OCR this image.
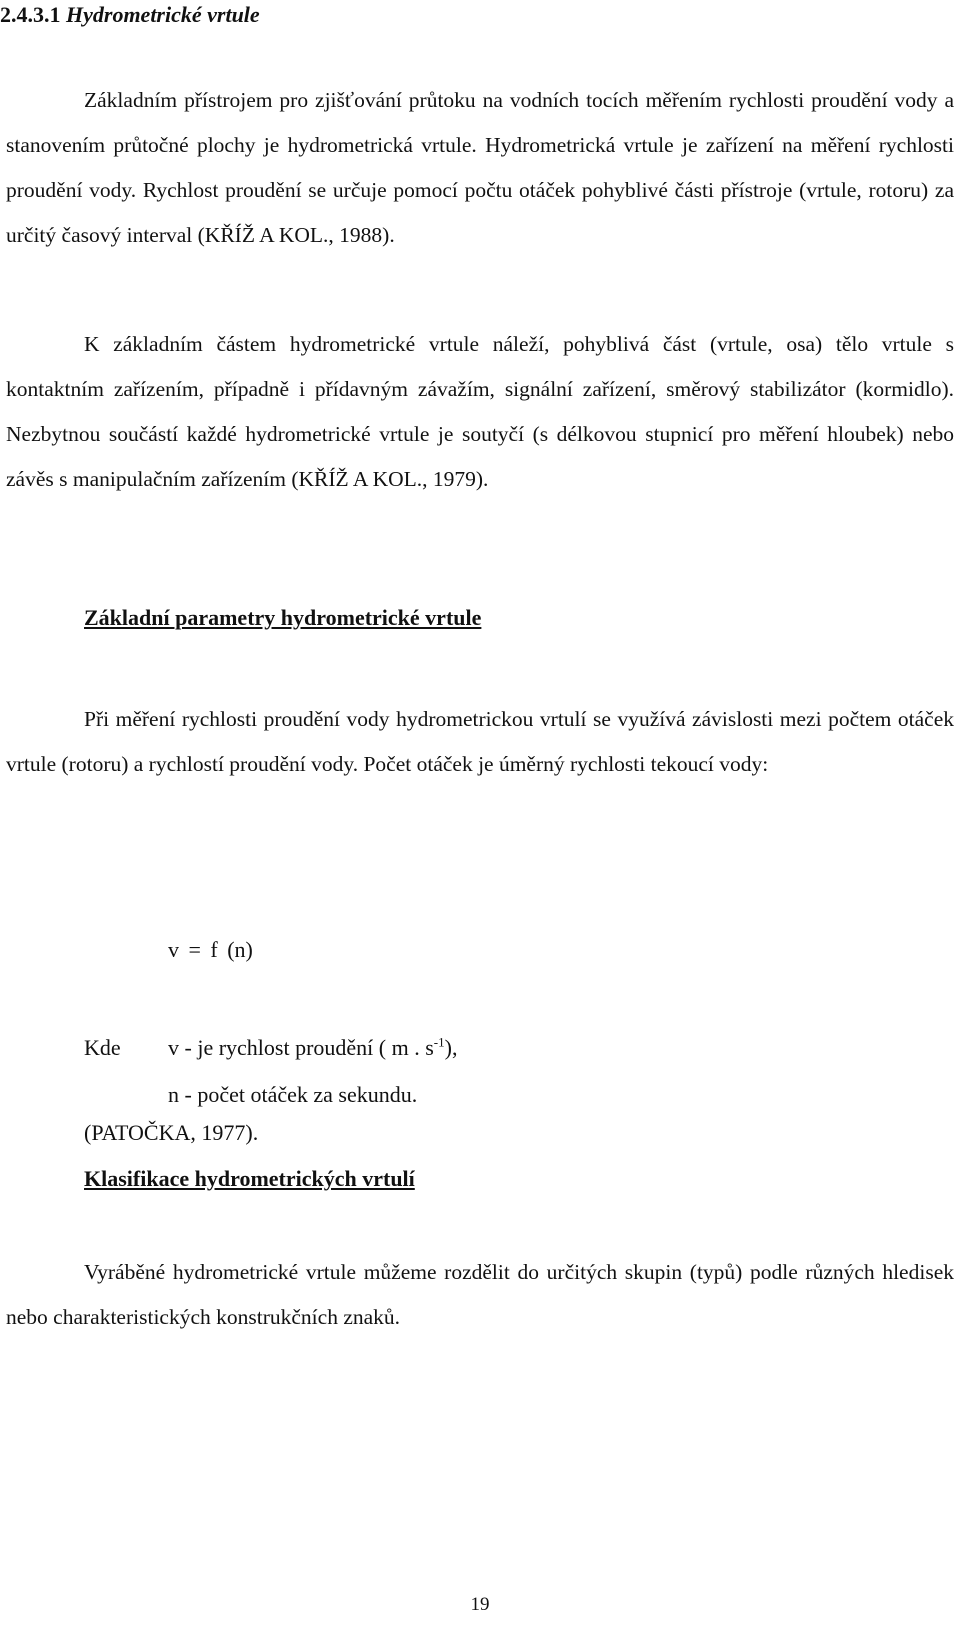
2.4.3.1 Hydrometrické vrtule
Základním přístrojem pro zjišťování průtoku na vodních tocích měřením rychlosti proudění vody a stanovením průtočné plochy je hydrometrická vrtule. Hydrometrická vrtule je zařízení na měření rychlosti proudění vody. Rychlost proudění se určuje pomocí počtu otáček pohyblivé části přístroje (vrtule, rotoru) za určitý časový interval (KŘÍŽ A KOL., 1988).
K základním částem hydrometrické vrtule náleží, pohyblivá část (vrtule, osa) tělo vrtule s kontaktním zařízením, případně i přídavným závažím, signální zařízení, směrový stabilizátor (kormidlo). Nezbytnou součástí každé hydrometrické vrtule je soutyčí (s délkovou stupnicí pro měření hloubek) nebo závěs s manipulačním zařízením (KŘÍŽ A KOL., 1979).
Základní parametry hydrometrické vrtule
Při měření rychlosti proudění vody hydrometrickou vrtulí se využívá závislosti mezi počtem otáček vrtule (rotoru) a rychlostí proudění vody. Počet otáček je úměrný rychlosti tekoucí vody:
v = f (n)
Kde	v - je rychlost proudění ( m . $s^{-1}$),
n - počet otáček za sekundu.
(PATOČKA, 1977).
Klasifikace hydrometrických vrtulí
Vyráběné hydrometrické vrtule můžeme rozdělit do určitých skupin (typů) podle různých hledisek nebo charakteristických konstrukčních znaků.
19
